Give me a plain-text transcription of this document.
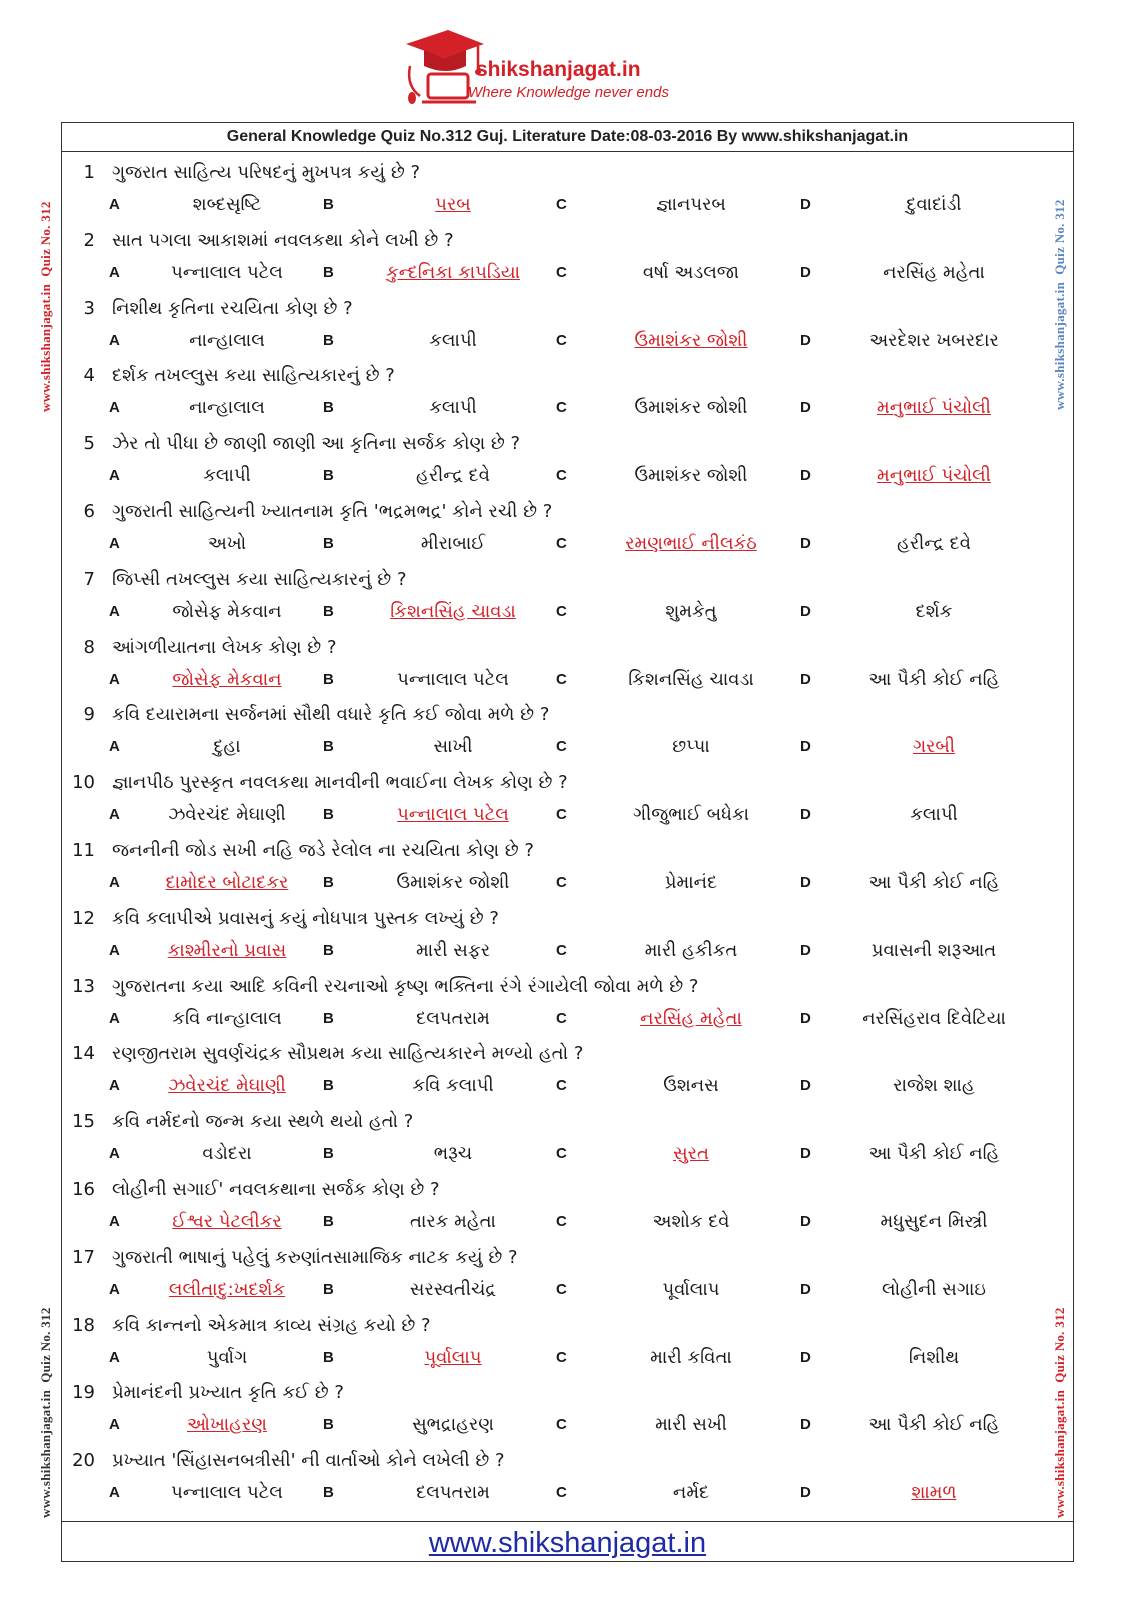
shikshanjagat.in
Where Knowledge never ends
www.shikshanjagat.in  Quiz No. 312
www.shikshanjagat.in  Quiz No. 312
www.shikshanjagat.in  Quiz No. 312
www.shikshanjagat.in  Quiz No. 312
General Knowledge Quiz No.312 Guj. Literature Date:08-03-2016 By www.shikshanjagat.in
1 ગુજરાત સાહિત્ય પરિષદનું મુખપત્ર કયું છે ?
A	શબ્દસૃષ્ટિ	B	પરબ	C	જ્ઞાનપરબ	D	દુવાદાંડી
2 સાત પગલા આકાશમાં નવલકથા કોને લખી છે ?
A	પન્નાલાલ પટેલ	B	કુન્દનિકા કાપડિયા	C	વર્ષા અડલજા	D	નરસિંહ મહેતા
3 નિશીથ કૃતિના રચયિતા કોણ છે ?
A	નાન્હાલાલ	B	કલાપી	C	ઉમાશંકર જોશી	D	અરદેશર ખબરદાર
4 દર્શક તખલ્લુસ કયા સાહિત્યકારનું છે ?
A	નાન્હાલાલ	B	કલાપી	C	ઉમાશંકર જોશી	D	મનુભાઈ પંચોલી
5 ઝેર તો પીધા છે જાણી જાણી આ કૃતિના સર્જક કોણ છે ?
A	કલાપી	B	હરીન્દ્ર દવે	C	ઉમાશંકર જોશી	D	મનુભાઈ પંચોલી
6 ગુજરાતી સાહિત્યની ખ્યાતનામ કૃતિ 'ભદ્રમભદ્ર' કોને રચી છે ?
A	અખો	B	મીરાબાઈ	C	રમણભાઈ નીલકંઠ	D	હરીન્દ્ર દવે
7 જિપ્સી તખલ્લુસ કયા સાહિત્યકારનું છે ?
A	જોસેફ મેકવાન	B	કિશનસિંહ ચાવડા	C	શુમકેતુ	D	દર્શક
8 આંગળીયાતના લેખક કોણ છે ?
A	જોસેફ મેકવાન	B	પન્નાલાલ પટેલ	C	કિશનસિંહ ચાવડા	D	આ પૈકી કોઈ નહિ
9 કવિ દયારામના સર્જનમાં સૌથી વધારે કૃતિ કઈ જોવા મળે છે ?
A	દુહા	B	સાખી	C	છપ્પા	D	ગરબી
10 જ્ઞાનપીઠ પુરસ્કૃત નવલકથા માનવીની ભવાઈના લેખક કોણ છે ?
A	ઝવેરચંદ મેઘાણી	B	પન્નાલાલ પટેલ	C	ગીજુભાઈ બધેકા	D	કલાપી
11 જનનીની જોડ સખી નહિ જડે રેલોલ ના રચયિતા કોણ છે ?
A	દામોદર બોટાદકર	B	ઉમાશંકર જોશી	C	પ્રેમાનંદ	D	આ પૈકી કોઈ નહિ
12 કવિ કલાપીએ પ્રવાસનું કયું નોધપાત્ર પુસ્તક લખ્યું છે ?
A	કાશ્મીરનો પ્રવાસ	B	મારી સફર	C	મારી હકીકત	D	પ્રવાસની શરૂઆત
13 ગુજરાતના કયા આદિ કવિની રચનાઓ કૃષ્ણ ભક્તિના રંગે રંગાયેલી જોવા મળે છે ?
A	કવિ નાન્હાલાલ	B	દલપતરામ	C	નરસિંહ મહેતા	D	નરસિંહરાવ દિવેટિયા
14 રણજીતરામ સુવર્ણચંદ્રક સૌપ્રથમ કયા સાહિત્યકારને મળ્યો હતો ?
A	ઝવેરચંદ મેઘાણી	B	કવિ કલાપી	C	ઉશનસ	D	રાજેશ શાહ
15 કવિ નર્મદનો જન્મ કયા સ્થળે થયો હતો ?
A	વડોદરા	B	ભરૂચ	C	સુરત	D	આ પૈકી કોઈ નહિ
16 લોહીની સગાઈ' નવલકથાના સર્જક કોણ છે ?
A	ઈશ્વર પેટલીકર	B	તારક મહેતા	C	અશોક દવે	D	મધુસુદન મિસ્ત્રી
17 ગુજરાતી ભાષાનું પહેલું કરુણાંતસામાજિક નાટક કયું છે ?
A	લલીતાદુ:ખદર્શક	B	સરસ્વતીચંદ્ર	C	પૂર્વાલાપ	D	લોહીની સગાઇ
18 કવિ કાન્તનો એકમાત્ર કાવ્ય સંગ્રહ કયો છે ?
A	પુર્વાગ	B	પૂર્વાલાપ	C	મારી કવિતા	D	નિશીથ
19 પ્રેમાનંદની પ્રખ્યાત કૃતિ કઈ છે ?
A	ઓખાહરણ	B	સુભદ્રાહરણ	C	મારી સખી	D	આ પૈકી કોઈ નહિ
20 પ્રખ્યાત 'સિંહાસનબત્રીસી' ની વાર્તાઓ કોને લખેલી છે ?
A	પન્નાલાલ પટેલ	B	દલપતરામ	C	નર્મદ	D	શામળ
www.shikshanjagat.in
